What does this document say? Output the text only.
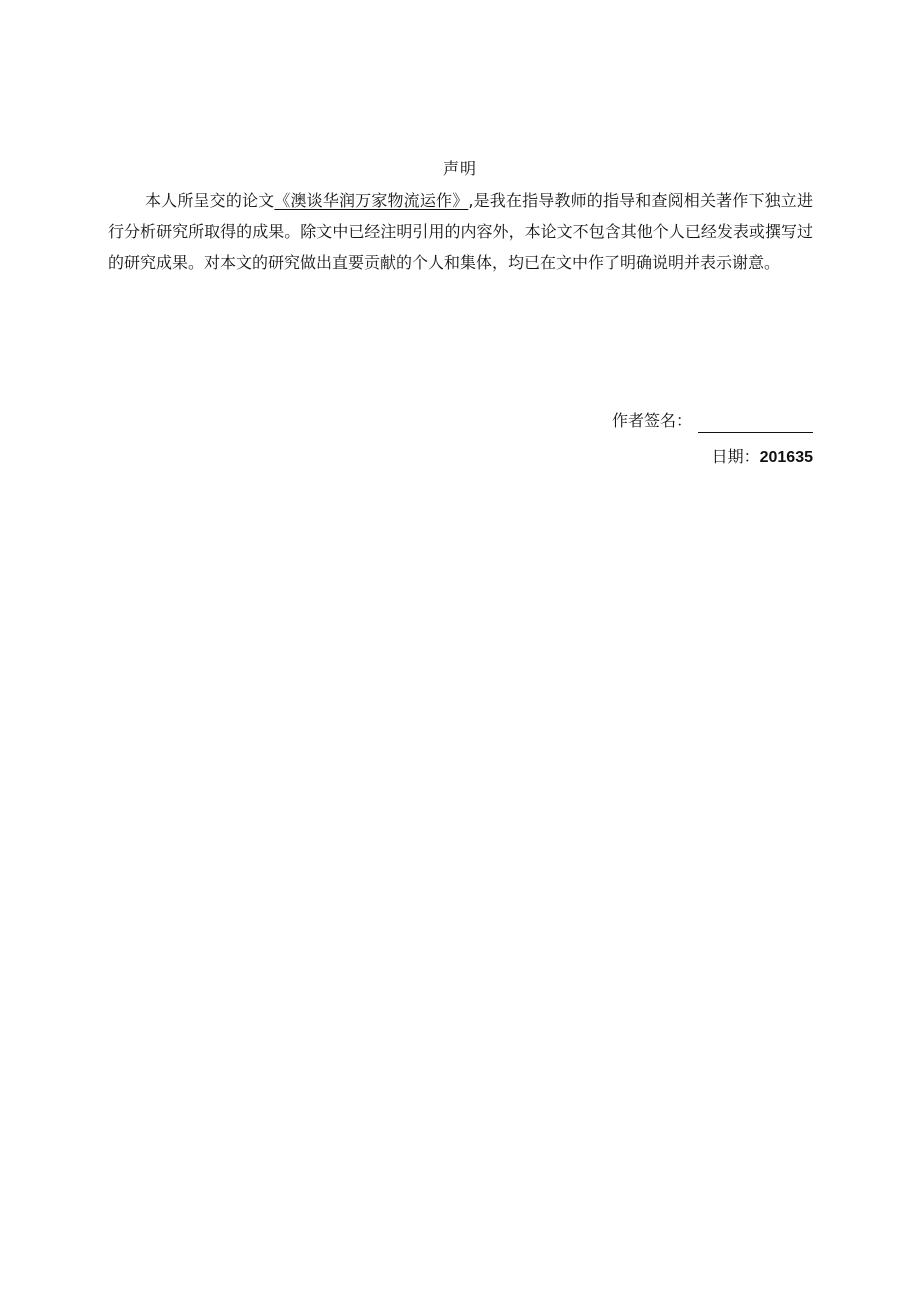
声明

本人所呈交的论文《澳谈华润万家物流运作》,是我在指导教师的指导和查阅相关著作下独立进行分析研究所取得的成果。除文中已经注明引用的内容外，本论文不包含其他个人已经发表或撰写过的研究成果。对本文的研究做出直要贡献的个人和集体，均已在文中作了明确说明并表示谢意。

作者签名：
日期：201635
